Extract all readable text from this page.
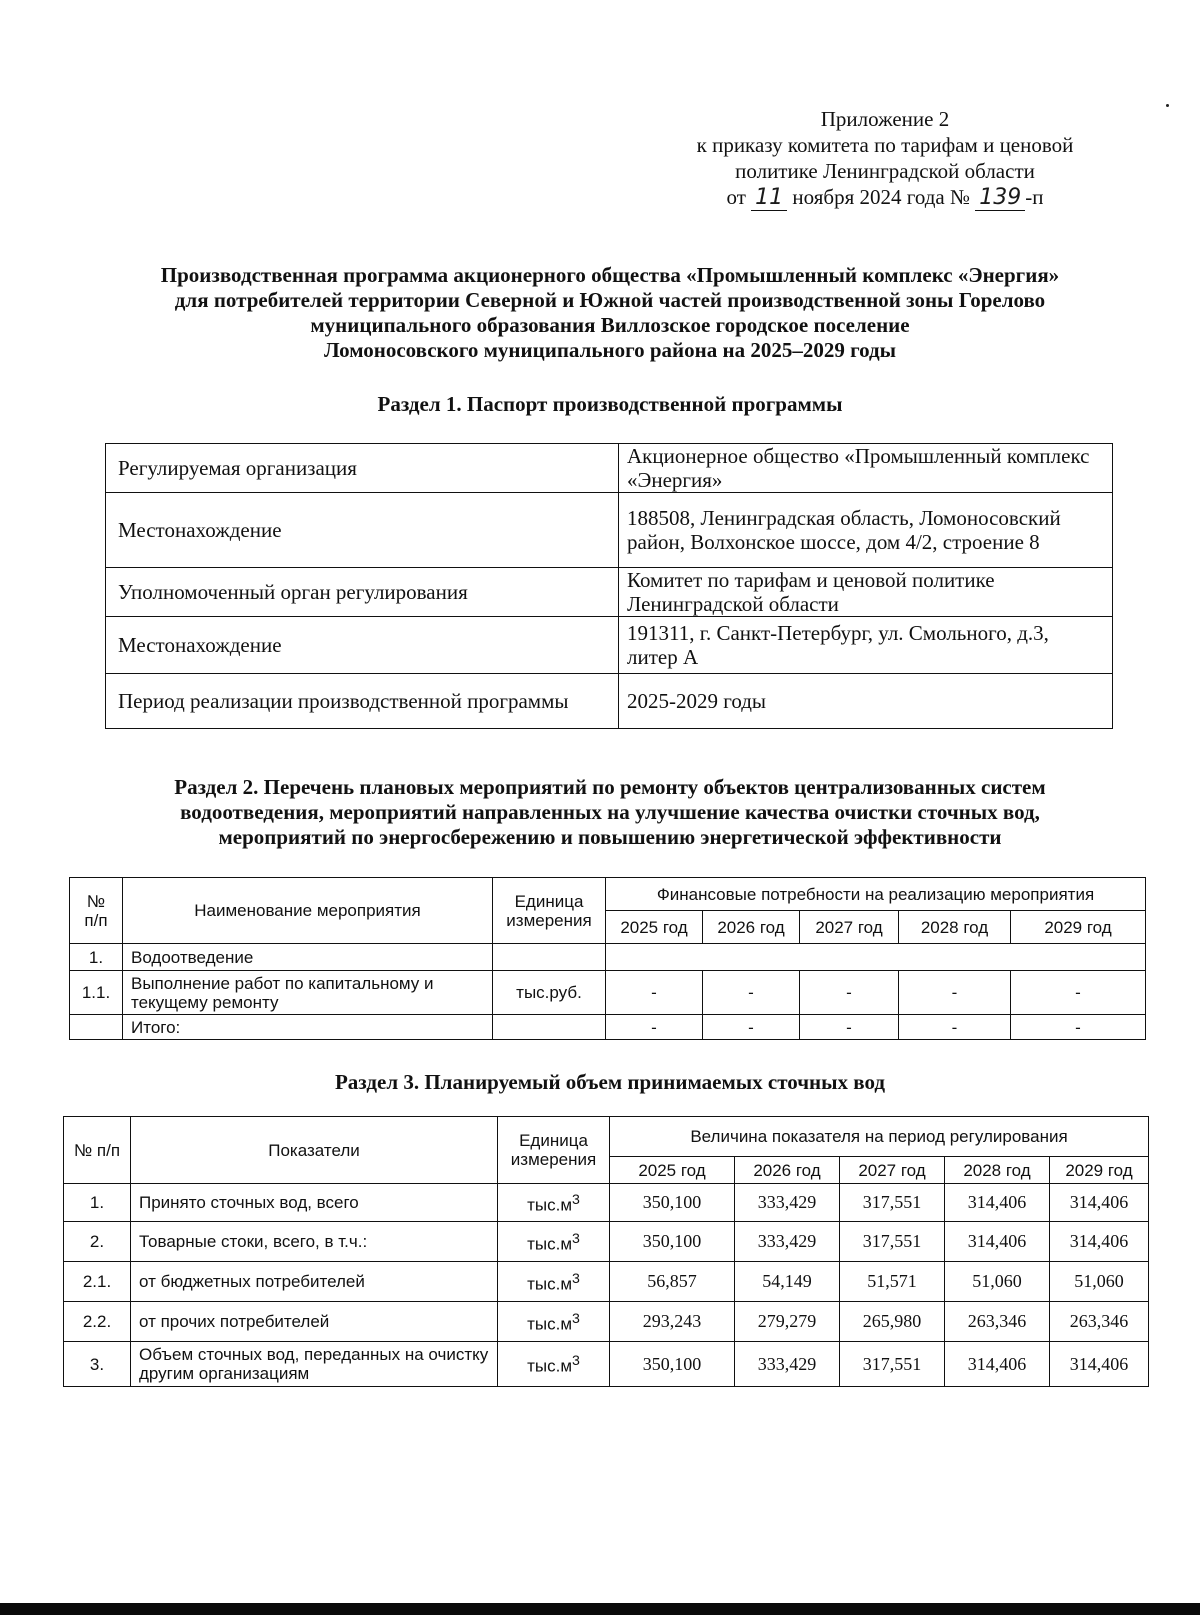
Приложение 2
к приказу комитета по тарифам и ценовой
политике Ленинградской области
от 11 ноября 2024 года № 139 -п
Производственная программа акционерного общества «Промышленный комплекс «Энергия»
для потребителей территории Северной и Южной частей производственной зоны Горелово
муниципального образования Виллозское городское поселение
Ломоносовского муниципального района на 2025–2029 годы
Раздел 1. Паспорт производственной программы
Регулируемая организация	Акционерное общество «Промышленный комплекс «Энергия»
Местонахождение	188508, Ленинградская область, Ломоносовский район, Волхонское шоссе, дом 4/2, строение 8
Уполномоченный орган регулирования	Комитет по тарифам и ценовой политике Ленинградской области
Местонахождение	191311, г. Санкт-Петербург, ул. Смольного, д.3, литер А
Период реализации производственной программы	2025-2029 годы
Раздел 2. Перечень плановых мероприятий по ремонту объектов централизованных систем
водоотведения, мероприятий направленных на улучшение качества очистки сточных вод,
мероприятий по энергосбережению и повышению энергетической эффективности
№ п/п	Наименование мероприятия	Единица измерения	Финансовые потребности на реализацию мероприятия				
			2025 год	2026 год	2027 год	2028 год	2029 год
1.	Водоотведение						
1.1.	Выполнение работ по капитальному и текущему ремонту	тыс.руб.	-	-	-	-	-
	Итого:		-	-	-	-	-
Раздел 3. Планируемый объем принимаемых сточных вод
№ п/п	Показатели	Единица измерения	Величина показателя на период регулирования				
			2025 год	2026 год	2027 год	2028 год	2029 год
1.	Принято сточных вод, всего	$тыс.м^3$	350,100	333,429	317,551	314,406	314,406
2.	Товарные стоки, всего, в т.ч.:	$тыс.м^3$	350,100	333,429	317,551	314,406	314,406
2.1.	от бюджетных потребителей	$тыс.м^3$	56,857	54,149	51,571	51,060	51,060
2.2.	от прочих потребителей	$тыс.м^3$	293,243	279,279	265,980	263,346	263,346
3.	Объем сточных вод, переданных на очистку другим организациям	$тыс.м^3$	350,100	333,429	317,551	314,406	314,406
